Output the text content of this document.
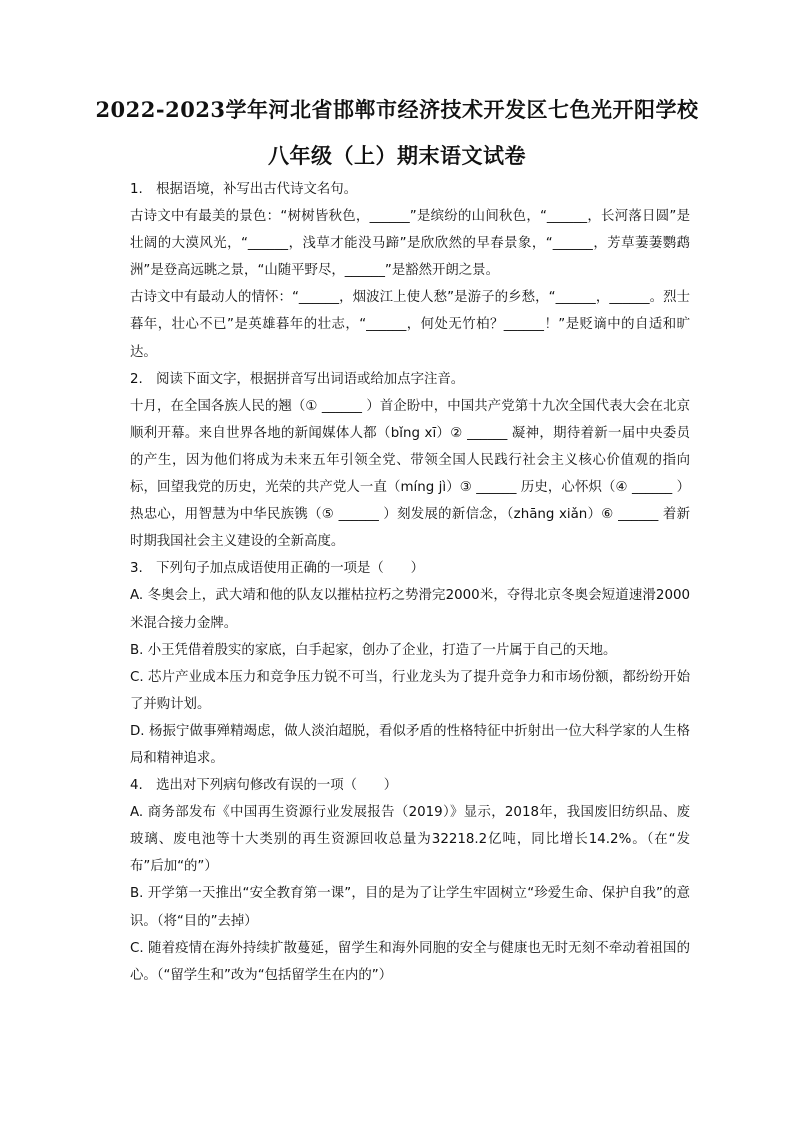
2022-2023学年河北省邯郸市经济技术开发区七色光开阳学校
八年级（上）期末语文试卷

1.　根据语境，补写出古代诗文名句。

古诗文中有最美的景色：“树树皆秋色，______”是缤纷的山间秋色，“______，长河落日圆”是壮阔的大漠风光，“______，浅草才能没马蹄”是欣欣然的早春景象，“______，芳草萋萋鹦鹉洲”是登高远眺之景，“山随平野尽，______”是豁然开朗之景。

古诗文中有最动人的情怀：“______，烟波江上使人愁”是游子的乡愁，“______，______。烈士暮年，壮心不已”是英雄暮年的壮志，“______，何处无竹柏？______！”是贬谪中的自适和旷达。

2.　阅读下面文字，根据拼音写出词语或给加点字注音。

十月，在全国各族人民的翘（① ______ ）首企盼中，中国共产党第十九次全国代表大会在北京顺利开幕。来自世界各地的新闻媒体人都（bǐng xī）② ______ 凝神，期待着新一届中央委员的产生，因为他们将成为未来五年引领全党、带领全国人民践行社会主义核心价值观的指向标，回望我党的历史，光荣的共产党人一直（míng jì）③ ______ 历史，心怀炽（④ ______ ）热忠心，用智慧为中华民族镌（⑤ ______ ）刻发展的新信念，（zhāng xiǎn）⑥ ______ 着新时期我国社会主义建设的全新高度。

3.　下列句子加点成语使用正确的一项是（　　）

A. 冬奥会上，武大靖和他的队友以摧枯拉朽之势滑完2000米，夺得北京冬奥会短道速滑2000米混合接力金牌。

B. 小王凭借着殷实的家底，白手起家，创办了企业，打造了一片属于自己的天地。

C. 芯片产业成本压力和竞争压力锐不可当，行业龙头为了提升竞争力和市场份额，都纷纷开始了并购计划。

D. 杨振宁做事殚精竭虑，做人淡泊超脱，看似矛盾的性格特征中折射出一位大科学家的人生格局和精神追求。

4.　选出对下列病句修改有误的一项（　　）

A. 商务部发布《中国再生资源行业发展报告（2019）》显示，2018年，我国废旧纺织品、废玻璃、废电池等十大类别的再生资源回收总量为32218.2亿吨，同比增长14.2%。（在“发布”后加“的”）

B. 开学第一天推出“安全教育第一课”，目的是为了让学生牢固树立“珍爱生命、保护自我”的意识。（将“目的”去掉）

C. 随着疫情在海外持续扩散蔓延，留学生和海外同胞的安全与健康也无时无刻不牵动着祖国的心。（“留学生和”改为“包括留学生在内的”）
